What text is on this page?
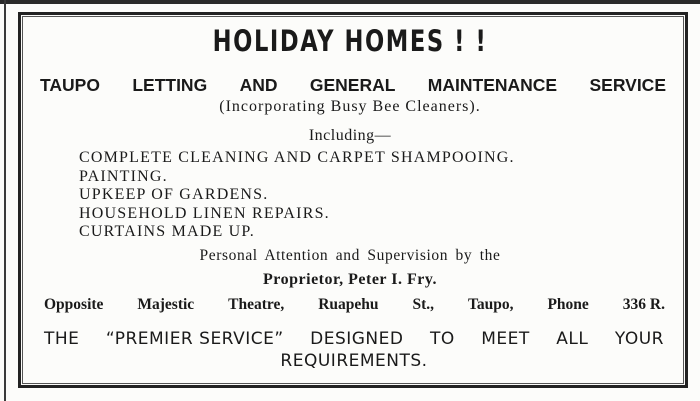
HOLIDAY HOMES ! !
TAUPO LETTING AND GENERAL MAINTENANCE SERVICE
(Incorporating Busy Bee Cleaners).
Including—
COMPLETE CLEANING AND CARPET SHAMPOOING.
PAINTING.
UPKEEP OF GARDENS.
HOUSEHOLD LINEN REPAIRS.
CURTAINS MADE UP.
Personal Attention and Supervision by the
Proprietor, Peter I. Fry.
Opposite Majestic Theatre, Ruapehu St., Taupo, Phone 336 R.
THE “PREMIER SERVICE” DESIGNED TO MEET ALL YOUR
REQUIREMENTS.
